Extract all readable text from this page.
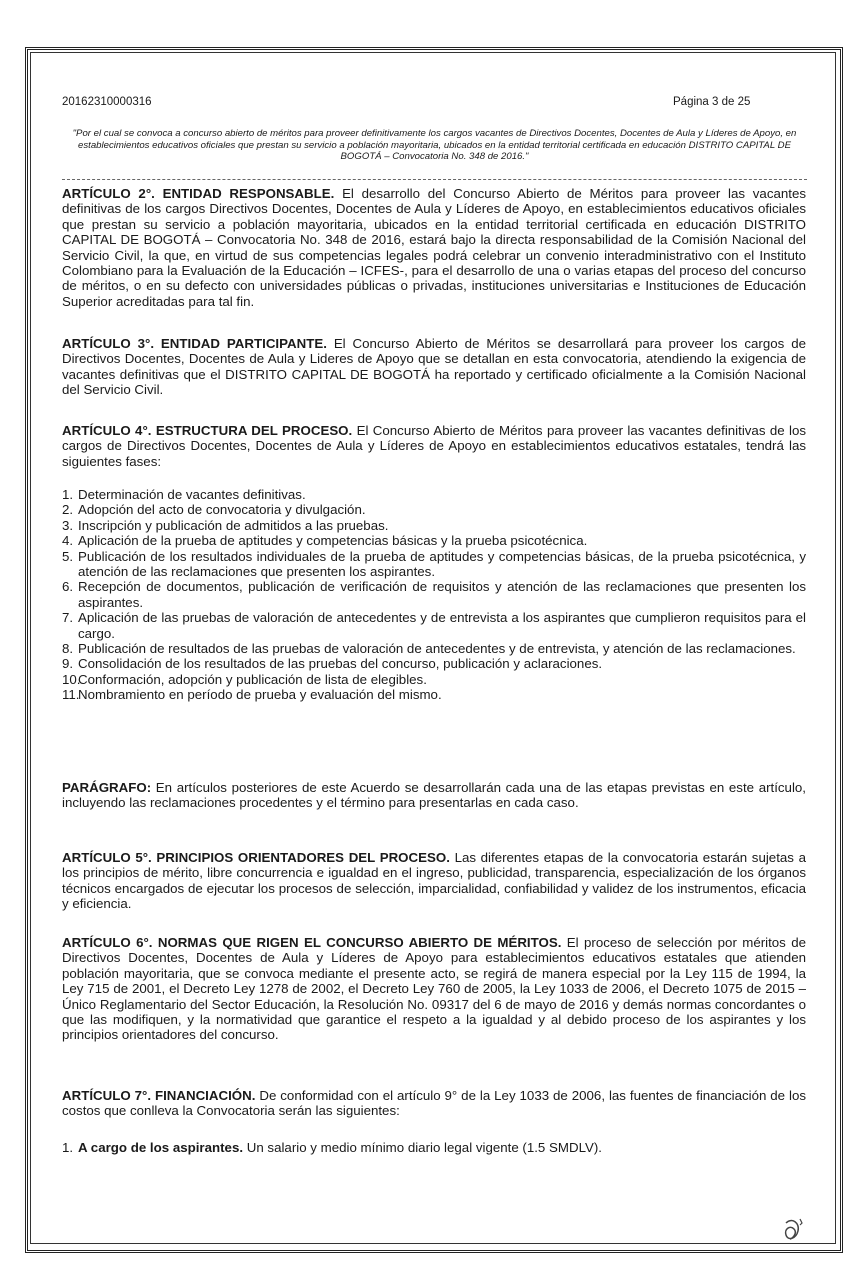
20162310000316	Página 3 de 25
"Por el cual se convoca a concurso abierto de méritos para proveer definitivamente los cargos vacantes de Directivos Docentes, Docentes de Aula y Líderes de Apoyo, en establecimientos educativos oficiales que prestan su servicio a población mayoritaria, ubicados en la entidad territorial certificada en educación DISTRITO CAPITAL DE BOGOTÁ – Convocatoria No. 348 de 2016."
ARTÍCULO 2°. ENTIDAD RESPONSABLE. El desarrollo del Concurso Abierto de Méritos para proveer las vacantes definitivas de los cargos Directivos Docentes, Docentes de Aula y Líderes de Apoyo, en establecimientos educativos oficiales que prestan su servicio a población mayoritaria, ubicados en la entidad territorial certificada en educación DISTRITO CAPITAL DE BOGOTÁ – Convocatoria No. 348 de 2016, estará bajo la directa responsabilidad de la Comisión Nacional del Servicio Civil, la que, en virtud de sus competencias legales podrá celebrar un convenio interadministrativo con el Instituto Colombiano para la Evaluación de la Educación – ICFES-, para el desarrollo de una o varias etapas del proceso del concurso de méritos, o en su defecto con universidades públicas o privadas, instituciones universitarias e Instituciones de Educación Superior acreditadas para tal fin.
ARTÍCULO 3°. ENTIDAD PARTICIPANTE. El Concurso Abierto de Méritos se desarrollará para proveer los cargos de Directivos Docentes, Docentes de Aula y Lideres de Apoyo que se detallan en esta convocatoria, atendiendo la exigencia de vacantes definitivas que el DISTRITO CAPITAL DE BOGOTÁ ha reportado y certificado oficialmente a la Comisión Nacional del Servicio Civil.
ARTÍCULO 4°. ESTRUCTURA DEL PROCESO. El Concurso Abierto de Méritos para proveer las vacantes definitivas de los cargos de Directivos Docentes, Docentes de Aula y Líderes de Apoyo en establecimientos educativos estatales, tendrá las siguientes fases:
1. Determinación de vacantes definitivas.
2. Adopción del acto de convocatoria y divulgación.
3. Inscripción y publicación de admitidos a las pruebas.
4. Aplicación de la prueba de aptitudes y competencias básicas y la prueba psicotécnica.
5. Publicación de los resultados individuales de la prueba de aptitudes y competencias básicas, de la prueba psicotécnica, y atención de las reclamaciones que presenten los aspirantes.
6. Recepción de documentos, publicación de verificación de requisitos y atención de las reclamaciones que presenten los aspirantes.
7. Aplicación de las pruebas de valoración de antecedentes y de entrevista a los aspirantes que cumplieron requisitos para el cargo.
8. Publicación de resultados de las pruebas de valoración de antecedentes y de entrevista, y atención de las reclamaciones.
9. Consolidación de los resultados de las pruebas del concurso, publicación y aclaraciones.
10.
Conformación, adopción y publicación de lista de elegibles.
11.
Nombramiento en período de prueba y evaluación del mismo.
PARÁGRAFO: En artículos posteriores de este Acuerdo se desarrollarán cada una de las etapas previstas en este artículo, incluyendo las reclamaciones procedentes y el término para presentarlas en cada caso.
ARTÍCULO 5°. PRINCIPIOS ORIENTADORES DEL PROCESO. Las diferentes etapas de la convocatoria estarán sujetas a los principios de mérito, libre concurrencia e igualdad en el ingreso, publicidad, transparencia, especialización de los órganos técnicos encargados de ejecutar los procesos de selección, imparcialidad, confiabilidad y validez de los instrumentos, eficacia y eficiencia.
ARTÍCULO 6°. NORMAS QUE RIGEN EL CONCURSO ABIERTO DE MÉRITOS. El proceso de selección por méritos de Directivos Docentes, Docentes de Aula y Líderes de Apoyo para establecimientos educativos estatales que atienden población mayoritaria, que se convoca mediante el presente acto, se regirá de manera especial por la Ley 115 de 1994, la Ley 715 de 2001, el Decreto Ley 1278 de 2002, el Decreto Ley 760 de 2005, la Ley 1033 de 2006, el Decreto 1075 de 2015 – Único Reglamentario del Sector Educación, la Resolución No. 09317 del 6 de mayo de 2016 y demás normas concordantes o que las modifiquen, y la normatividad que garantice el respeto a la igualdad y al debido proceso de los aspirantes y los principios orientadores del concurso.
ARTÍCULO 7°. FINANCIACIÓN. De conformidad con el artículo 9° de la Ley 1033 de 2006, las fuentes de financiación de los costos que conlleva la Convocatoria serán las siguientes:
1. A cargo de los aspirantes. Un salario y medio mínimo diario legal vigente (1.5 SMDLV).
